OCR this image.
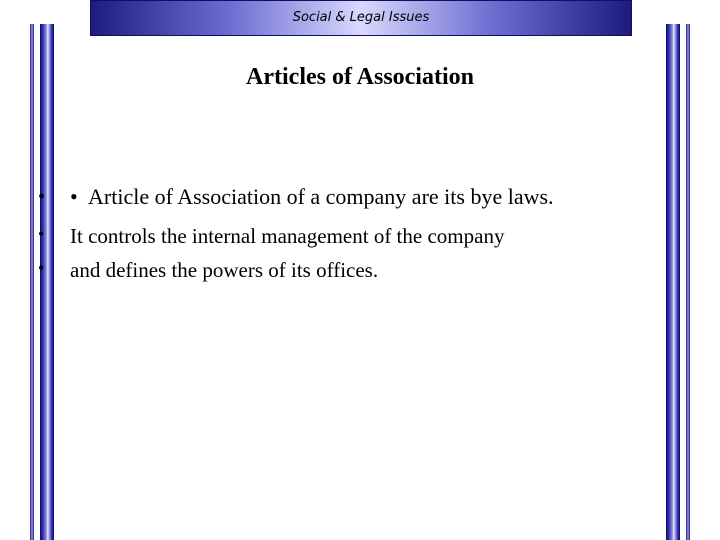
Social & Legal Issues
Articles of Association
• • Article of Association of a company are its bye laws.
• It controls the internal management of the company
• and defines the powers of its offices.
